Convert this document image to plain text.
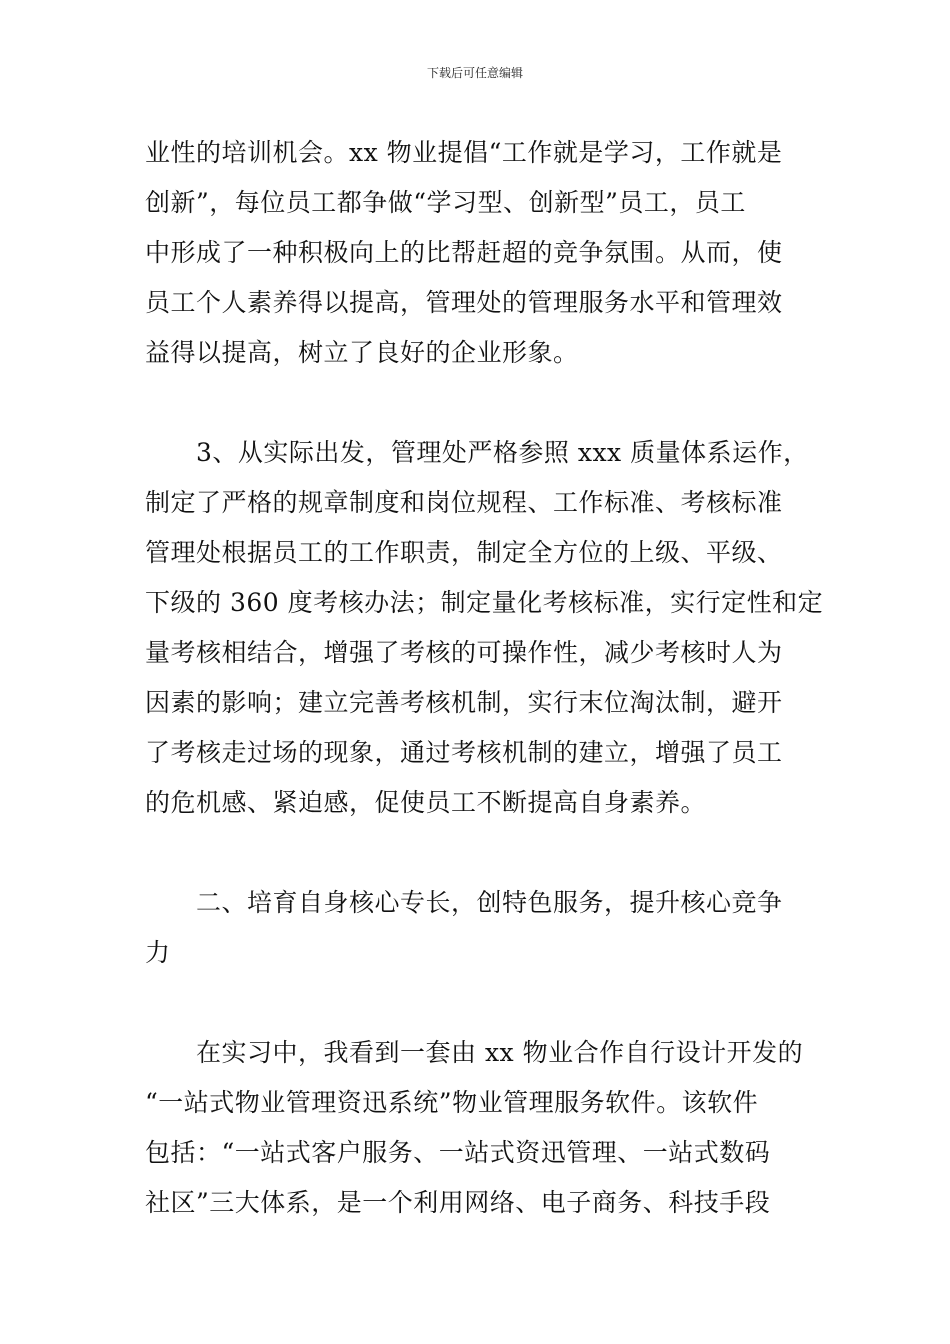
下载后可任意编辑
业性的培训机会。xx 物业提倡“工作就是学习，工作就是
创新”，每位员工都争做“学习型、创新型”员工，员工
中形成了一种积极向上的比帮赶超的竞争氛围。从而，使
员工个人素养得以提高，管理处的管理服务水平和管理效
益得以提高，树立了良好的企业形象。
　　3、从实际出发，管理处严格参照 xxx 质量体系运作，
制定了严格的规章制度和岗位规程、工作标准、考核标准
管理处根据员工的工作职责，制定全方位的上级、平级、
下级的 360 度考核办法；制定量化考核标准，实行定性和定
量考核相结合，增强了考核的可操作性，减少考核时人为
因素的影响；建立完善考核机制，实行末位淘汰制，避开
了考核走过场的现象，通过考核机制的建立，增强了员工
的危机感、紧迫感，促使员工不断提高自身素养。
　　二、培育自身核心专长，创特色服务，提升核心竞争
力
　　在实习中，我看到一套由 xx 物业合作自行设计开发的
“一站式物业管理资迅系统”物业管理服务软件。该软件
包括：“一站式客户服务、一站式资迅管理、一站式数码
社区”三大体系，是一个利用网络、电子商务、科技手段
